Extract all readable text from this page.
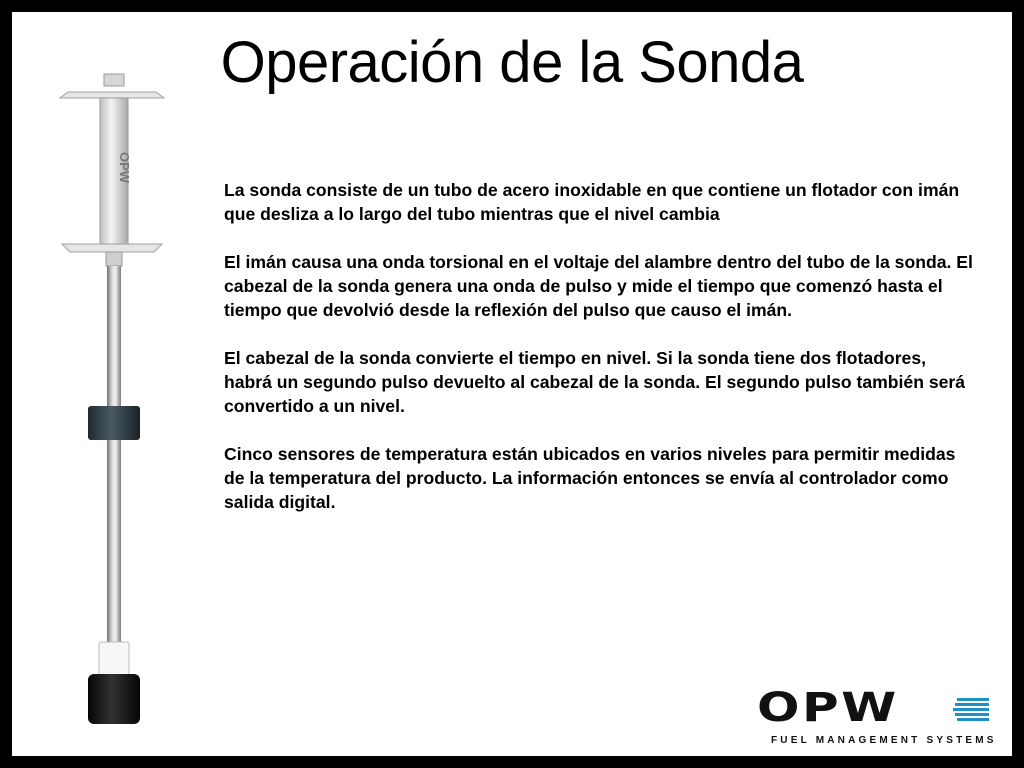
Operación de la Sonda
OPW

La sonda consiste de un tubo de acero inoxidable en que contiene un flotador con imán que desliza a lo largo del tubo mientras que el nivel cambia

El imán causa una onda torsional en el voltaje del alambre dentro del tubo de la sonda. El cabezal de la sonda genera una onda de pulso y mide el tiempo que comenzó hasta el tiempo que devolvió desde la reflexión del pulso que causo el imán.

El cabezal de la sonda convierte el tiempo en nivel. Si la sonda tiene dos flotadores, habrá un segundo pulso devuelto al cabezal de la sonda. El segundo pulso también será convertido a un nivel.

Cinco sensores de temperatura están ubicados en varios niveles para permitir medidas de la temperatura del producto. La información entonces se envía al controlador como salida digital.

OPW
FUEL MANAGEMENT SYSTEMS
